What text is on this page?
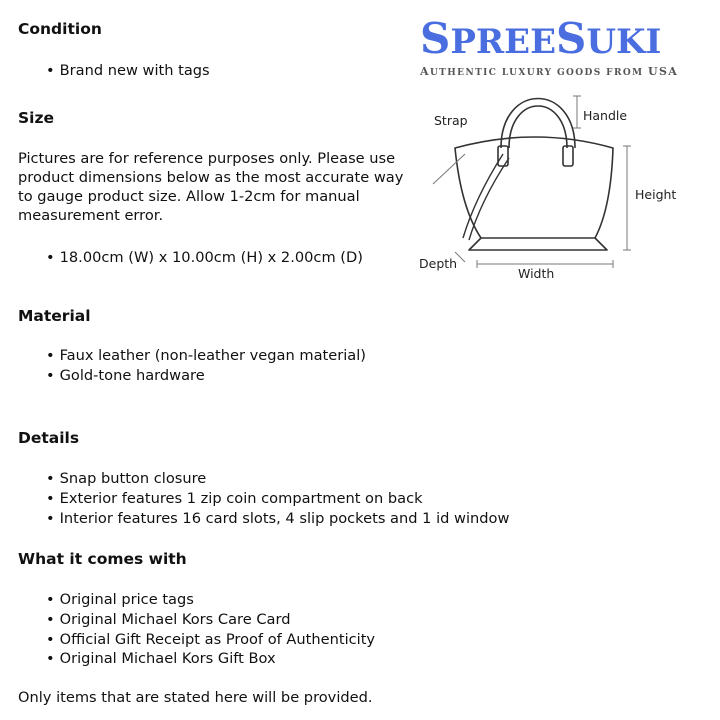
SPREESUKI
AUTHENTIC LUXURY GOODS FROM USA
Condition
• Brand new with tags
Size

Pictures are for reference purposes only. Please use product dimensions below as the most accurate way to gauge product size. Allow 1-2cm for manual measurement error.

• 18.00cm (W) x 10.00cm (H) x 2.00cm (D)
Strap	Handle
Height
Depth
Width
Material
• Faux leather (non-leather vegan material)
• Gold-tone hardware
Details
• Snap button closure
• Exterior features 1 zip coin compartment on back
• Interior features 16 card slots, 4 slip pockets and 1 id window
What it comes with
• Original price tags
• Original Michael Kors Care Card
• Official Gift Receipt as Proof of Authenticity
• Original Michael Kors Gift Box

Only items that are stated here will be provided.
